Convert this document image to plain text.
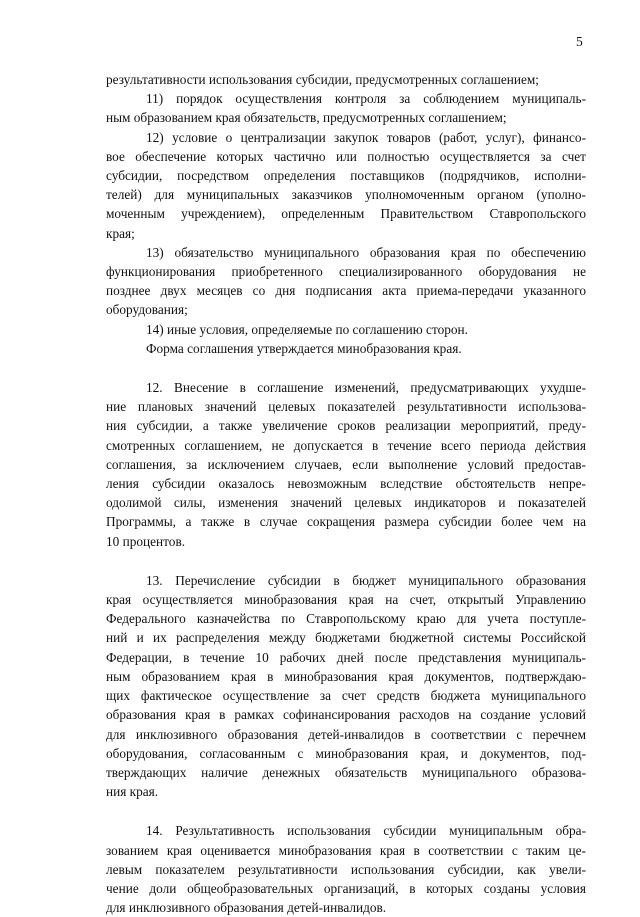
5
результативности использования субсидии, предусмотренных соглашением;
11) порядок осуществления контроля за соблюдением муниципаль-
ным образованием края обязательств, предусмотренных соглашением;
12) условие о централизации закупок товаров (работ, услуг), финансо-
вое обеспечение которых частично или полностью осуществляется за счет
субсидии, посредством определения поставщиков (подрядчиков, исполни-
телей) для муниципальных заказчиков уполномоченным органом (уполно-
моченным учреждением), определенным Правительством Ставропольского
края;
13) обязательство муниципального образования края по обеспечению
функционирования приобретенного специализированного оборудования не
позднее двух месяцев со дня подписания акта приема-передачи указанного
оборудования;
14) иные условия, определяемые по соглашению сторон.
Форма соглашения утверждается минобразования края.
12. Внесение в соглашение изменений, предусматривающих ухудше-
ние плановых значений целевых показателей результативности использова-
ния субсидии, а также увеличение сроков реализации мероприятий, преду-
смотренных соглашением, не допускается в течение всего периода действия
соглашения, за исключением случаев, если выполнение условий предостав-
ления субсидии оказалось невозможным вследствие обстоятельств непре-
одолимой силы, изменения значений целевых индикаторов и показателей
Программы, а также в случае сокращения размера субсидии более чем на
10 процентов.
13. Перечисление субсидии в бюджет муниципального образования
края осуществляется минобразования края на счет, открытый Управлению
Федерального казначейства по Ставропольскому краю для учета поступле-
ний и их распределения между бюджетами бюджетной системы Российской
Федерации, в течение 10 рабочих дней после представления муниципаль-
ным образованием края в минобразования края документов, подтверждаю-
щих фактическое осуществление за счет средств бюджета муниципального
образования края в рамках софинансирования расходов на создание условий
для инклюзивного образования детей-инвалидов в соответствии с перечнем
оборудования, согласованным с минобразования края, и документов, под-
тверждающих наличие денежных обязательств муниципального образова-
ния края.
14. Результативность использования субсидии муниципальным обра-
зованием края оценивается минобразования края в соответствии с таким це-
левым показателем результативности использования субсидии, как увели-
чение доли общеобразовательных организаций, в которых созданы условия
для инклюзивного образования детей-инвалидов.
